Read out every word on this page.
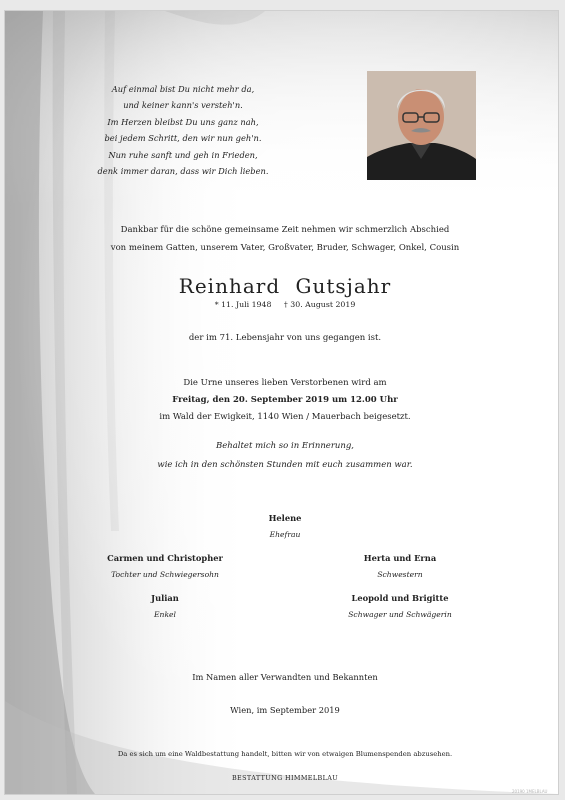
Auf einmal bist Du nicht mehr da,
und keiner kann's versteh'n.
Im Herzen bleibst Du uns ganz nah,
bei jedem Schritt, den wir nun geh'n.
Nun ruhe sanft und geh in Frieden,
denk immer daran, dass wir Dich lieben.
Dankbar für die schöne gemeinsame Zeit nehmen wir schmerzlich Abschied
von meinem Gatten, unserem Vater, Großvater, Bruder, Schwager, Onkel, Cousin
Reinhard Gutsjahr
* 11. Juli 1948 † 30. August 2019
der im 71. Lebensjahr von uns gegangen ist.
Die Urne unseres lieben Verstorbenen wird am
Freitag, den 20. September 2019 um 12.00 Uhr
im Wald der Ewigkeit, 1140 Wien / Mauerbach beigesetzt.
Behaltet mich so in Erinnerung,
wie ich in den schönsten Stunden mit euch zusammen war.
Helene
Ehefrau
Carmen und Christopher
Tochter und Schwiegersohn
Herta und Erna
Schwestern
Julian
Enkel
Leopold und Brigitte
Schwager und Schwägerin
Im Namen aller Verwandten und Bekannten
Wien, im September 2019
Da es sich um eine Waldbestattung handelt, bitten wir von etwaigen Blumenspenden abzusehen.
BESTATTUNG HIMMELBLAU
20190 1MELBLAU
